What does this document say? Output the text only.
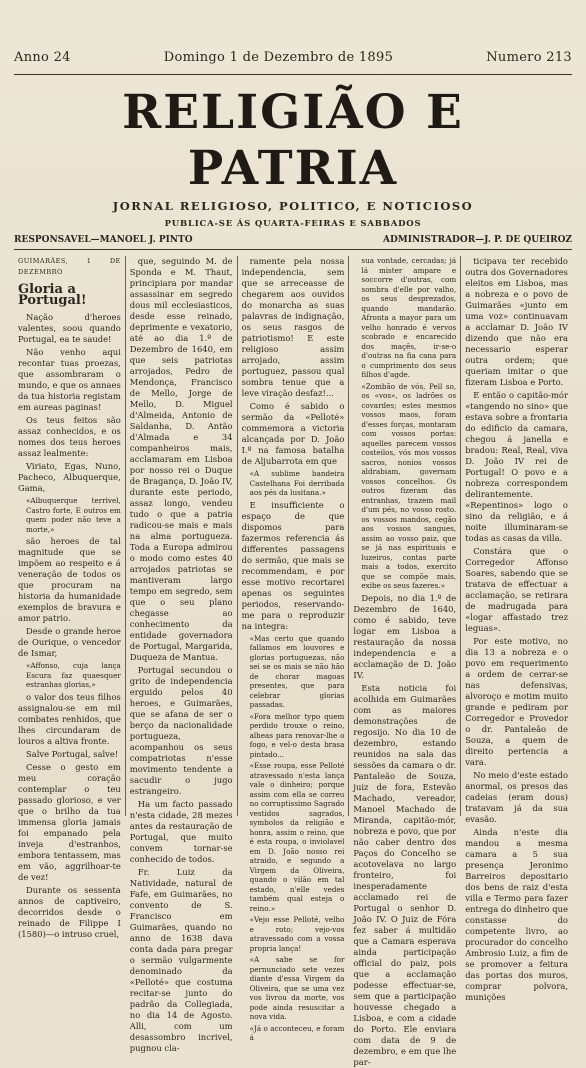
Anno 24	Domingo 1 de Dezembro de 1895	Numero 213
RELIGIÃO E PATRIA
JORNAL RELIGIOSO, POLITICO, E NOTICIOSO
PUBLICA-SE ÁS QUARTA-FEIRAS E SABBADOS
RESPONSAVEL—MANOEL J. PINTO	ADMINISTRADOR—J. P. DE QUEIROZ

GUIMARÃES, 1 DE DEZEMBRO

Gloria a Portugal!

Nação d'heroes valentes, soou quando Portugal, ea te saude!

Não venho aqui recontar tuas proezas, que assombraram o mundo, e que os annaes da tua historia registam em aureas paginas!

Os teus feitos são assaz conhecidos, e os nomes dos teus heroes assaz lealmente:

Viriato, Egas, Nuno, Pacheco, Albuquerque, Gama,

«Albuquerque terrivel, Castro forte, E outros em quem poder não teve a morte,»

são heroes de tal magnitude que se impõem ao respeito e á veneração de todos os que procuram na historia da humanidade exemplos de bravura e amor patrio.

Desde o grande heroe de Ourique, o vencedor de Ismar,

«Affonso, cuja lança Escura faz quaesquer estranhas glorias,»

o valor dos teus filhos assignalou-se em mil combates renhidos, que lhes circundaram de louros a altiva fronte.

Salve Portugal, salve!

Cesse o gesto em meu coração contemplar o teu passado glorioso, e ver que o brilho da tua immensa gloria jamais foi empanado pela inveja d'estranhos, embora tentassem, mas em vão, aggrilhoar-te de vez!

Durante os sessenta annos de captiveiro, decorridos desde o reinado de Filippe I (1580)—o intruso cruel,

que, seguindo M. de Sponda e M. Thaut, principiara por mandar assassinar em segredo dous mil ecclesiasticos, desde esse reinado, deprimente e vexatorio, até ao dia 1.º de Dezembro de 1640, em que seis patriotas arrojados, Pedro de Mendonça, Francisco de Mello, Jorge de Mello, D. Miguel d'Almeida, Antonio de Saldanha, D. Antão d'Almada e 34 companheiros mais, acclamaram em Lisboa por nosso rei o Duque de Bragança, D. João IV, durante este periodo, assaz longo, vendeu tudo o que a patria radicou-se mais e mais na alma portugueza. Toda a Europa admirou o modo como estes 40 arrojados patriotas se mantiveram largo tempo em segredo, sem que o seu plano chegasse ao conhecimento da entidade governadora de Portugal, Margarida, Duqueza de Mantua.

Portugal secundou o grito de independencia erguido pelos 40 heroes, e Guimarães, que se afana de ser o berço da nacionalidade portugueza, acompanhou os seus compatriotas n'esse movimento tendente a sacudir o jugo estrangeiro.

Ha um facto passado n'esta cidade, 28 mezes antes da restauração de Portugal, que muito convem tornar-se conhecido de todos.

Fr. Luiz da Natividade, natural de Fafe, em Guimarães, no convento de S. Francisco em Guimarães, quando no anno de 1638 dava conta dada para pregar o sermão vulgarmente denominado da «Pelloté» que costuma recitar-se junto do padrão da Collegiada, no dia 14 de Agosto. Alli, com um desassombro incrivel, pugnou cla-

ramente pela nossa independencia, sem que se arreceasse de chegarem aos ouvidos do monarcha as suas palavras de indignação, os seus rasgos de patriotismo! E este religioso assim arrojado, assim portuguez, passou qual sombra tenue que a leve viração desfaz!...

Como é sabido o sermão da «Pelloté» commemora a victoria alcançada por D. João I.º na famosa batalha de Aljubarrota em que

«A sublime bandeira Castelhana Foi derribada aos pés da lusitana.»

E insufficiente o espaço de que dispomos para fazermos referencia ás differentes passagens do sermão, que mais se recommendam, e por esse motivo recortarei apenas os seguintes periodos, reservando-me para o reproduzir na integra:

«Mas certo que quando fallamos em louvores e glorias portuguezas, não sei se os mais se não hão de chorar magoas presentes, que para celebrar glorias passadas.

«Fora melhor typo quem perdido trouxe o reino, alheas para renovar-lhe o fogo, e vel-o desta brasa pintado...

«Esse roupa, esse Pelloté atravessado n'esta lança vale o dinheiro; porque assim com ella se correu no corruptissimo Sagrado vestidos sagrados, symbolos da religião e honra, assim o reino, que é esta roupa, o inviolavel em D. João nosso rei atraido, e segundo a Virgem da Oliveira, quando o vilão em tal estado, n'elle vedes também qual esteja o reino.»

«Vejo esse Pelloté, velho e roto; vejo-vos atravessado com a vossa propria lança!

«A sabe se for pernunciado sete vezes diante d'essa Virgem da Oliveira, que se uma vez vos livrou da morte, vos pode ainda resuscitar a nova vida.

«Já o acconteceu, e foram á

sua vontade, cercadas; já lá mister ampare e soccorre d'outras, com sombra d'elle por valho, os seus desprezados, quando mandarão. Afronta a mayor para um velho honrado é vervos scobrado e encarecido dos maçês, ir-se-o d'outras na fia cana para o cumprimento dos seus filhos d'agde.

«Zombão de vós, Pell so, os «vos», os ladrões os covardes; estes mesmos vossos maos, foram d'esses forças, montaram com vossos portas: aquelles parecem vossos costeilos, vós mos vossos sacros, nonios vossos aldrabiam, governam vossos concelhos. Os outros fizeram das entranhas, trazem mail d'um pés, no vosso rosto. os vossos mandos, cegão aos vossos sangues, assim ao vosso paiz, que se já nas espirituais e luzeiros, contas parte mais a todos, exercito que se compõe mais, exibe os seus fazeres.»

Depois, no dia 1.º de Dezembro de 1640, como é sabido, teve logar em Lisboa a restauração da nossa independencia e a acclamação de D. João IV.

Esta noticia foi acolhida em Guimarães com as maiores demonstrações de regosijo. No dia 10 de dezembro, estando reunidos na sala das sessões da camara o dr. Pantaleão de Souza, juiz de fora, Estevão Machado, vereador, Manoel Machado de Miranda, capitão-mór, nobreza e povo, que por não caber dentro dos Paços do Concelho se acotovelava no largo fronteiro, foi inesperadamente acclamado rei de Portugal o senhor D. João IV. O Juiz de Fóra fez saber á multidão que a Camara esperava ainda participação official do paiz, pois que a acclamação podesse effectuar-se, sem que a participação houvesse chegado a Lisboa, e com a cidade do Porto. Ele enviara com data de 9 de dezembro, e em que lhe par-

ticipava ter recebido outra dos Governadores eleitos em Lisboa, mas a nobreza e o povo de Guimarães «junto em uma voz» continuavam a acclamar D. João IV dizendo que não era necessario esperar outra ordem; que queriam imitar o que fizeram Lisboa e Porto.

E então o capitão-mór «tangendo no sino» que estava sobre a frontaria do edificio da camara, chegou á janella e bradou: Real, Real, viva D. João IV rei de Portugal! O povo e a nobreza correspondem delirantemente. «Repentinos» logo o sino da religião, e á noite illuminaram-se todas as casas da villa.

Constára que o Corregedor Affonso Soares, sabendo que se tratava de effectuar a acclamação, se retirara de madrugada para «logar affastado trez leguas».

Por este motivo, no dia 13 a nobreza e o povo em requerimento a ordem de cerrar-se nas defensivas, alvoroço e motim muito grande e pediram por Corregedor e Provedor o dr. Pantaleão de Souza, a quem de direito pertencia a vara.

No meio d'este estado anormal, os presos das cadeias (eram dous) tratavam já da sua evasão.

Ainda n'este dia mandou a mesma camara a 5 sua presença Jeronimo Barreiros depositario dos bens de raiz d'esta villa e Termo para fazer entrega do dinheiro que constasse do competente livro, ao procurador do concelho Ambrosio Luiz, a fim de se promover a feitura das portas dos muros, comprar polvora, munições
